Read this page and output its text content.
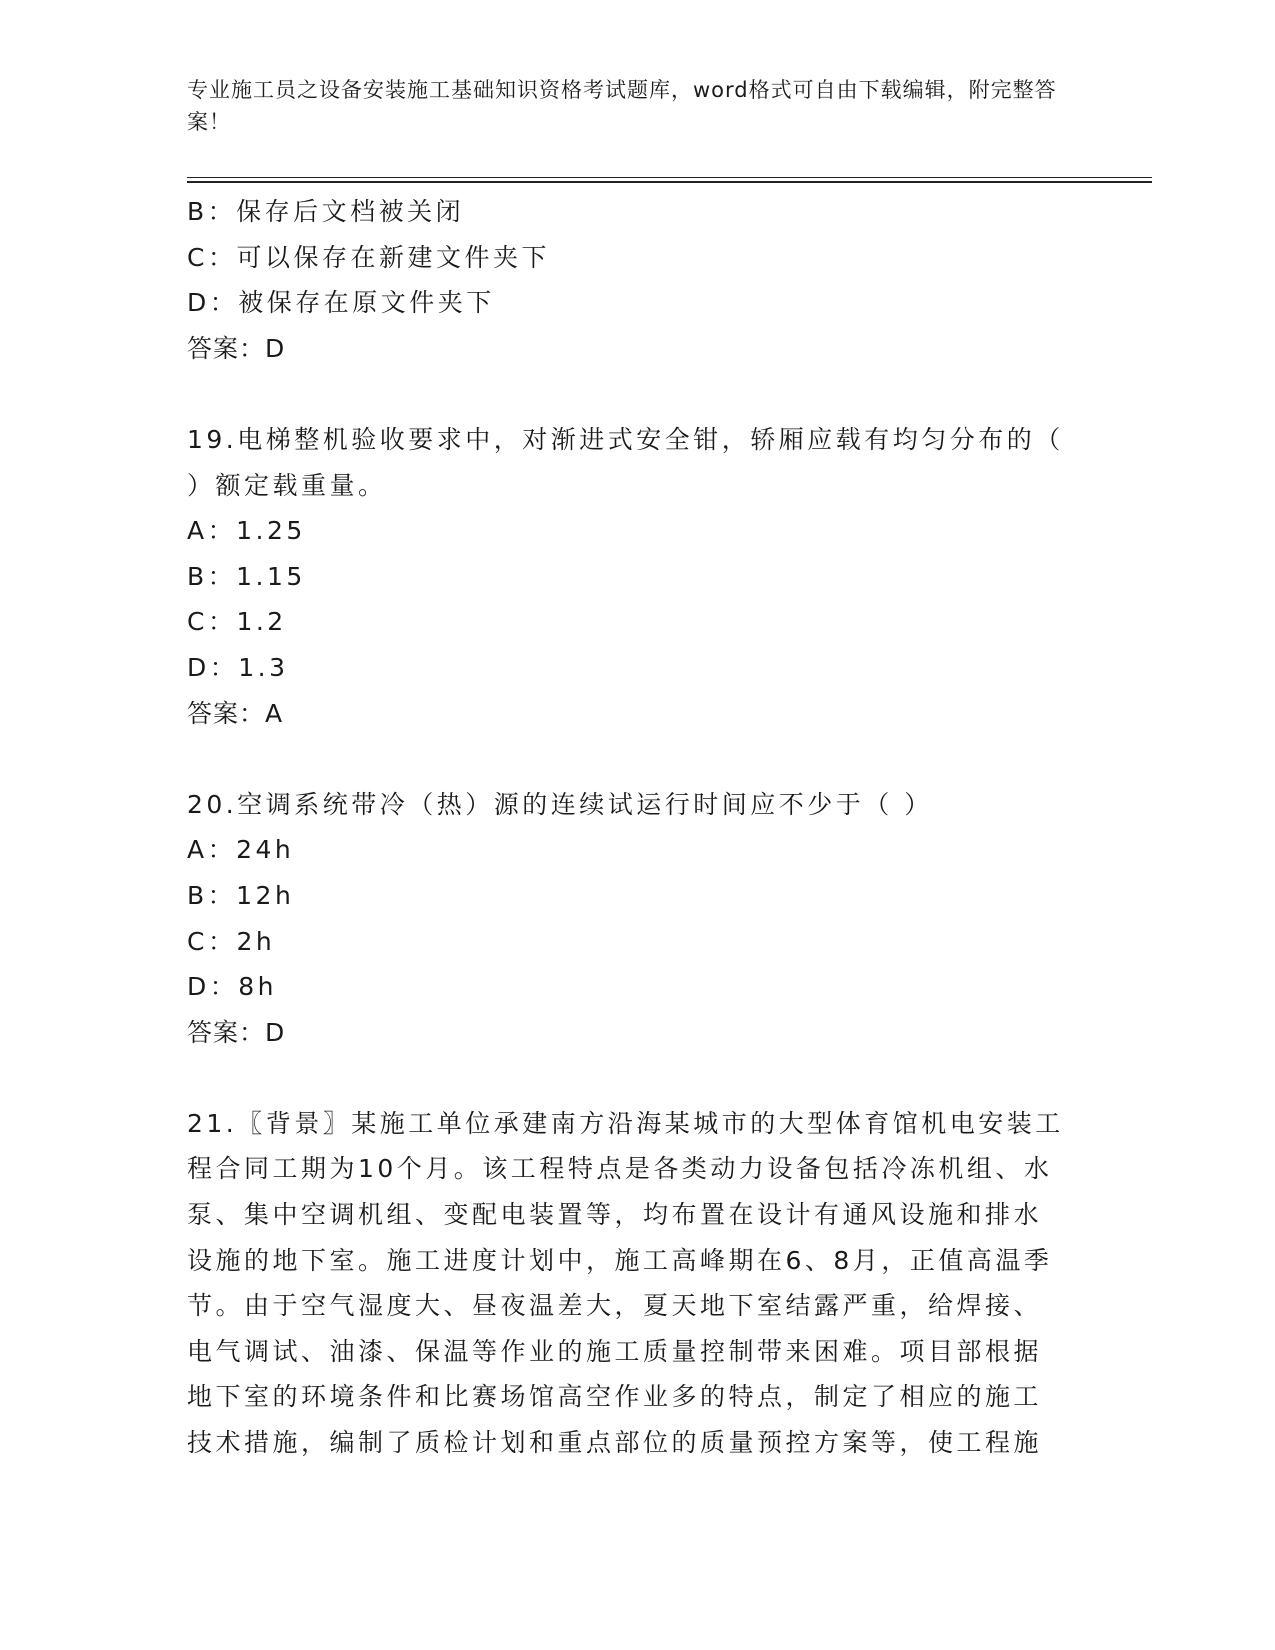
专业施工员之设备安装施工基础知识资格考试题库，word格式可自由下载编辑，附完整答案！
B：保存后文档被关闭
C：可以保存在新建文件夹下
D：被保存在原文件夹下
答案：D
19.电梯整机验收要求中，对渐进式安全钳，轿厢应载有均匀分布的（
）额定载重量。
A：1.25
B：1.15
C：1.2
D：1.3
答案：A
20.空调系统带冷（热）源的连续试运行时间应不少于（ ）
A：24h
B：12h
C：2h
D：8h
答案：D
21.〖背景〗某施工单位承建南方沿海某城市的大型体育馆机电安装工
程合同工期为10个月。该工程特点是各类动力设备包括冷冻机组、水
泵、集中空调机组、变配电装置等，均布置在设计有通风设施和排水
设施的地下室。施工进度计划中，施工高峰期在6、8月，正值高温季
节。由于空气湿度大、昼夜温差大，夏天地下室结露严重，给焊接、
电气调试、油漆、保温等作业的施工质量控制带来困难。项目部根据
地下室的环境条件和比赛场馆高空作业多的特点，制定了相应的施工
技术措施，编制了质检计划和重点部位的质量预控方案等，使工程施
